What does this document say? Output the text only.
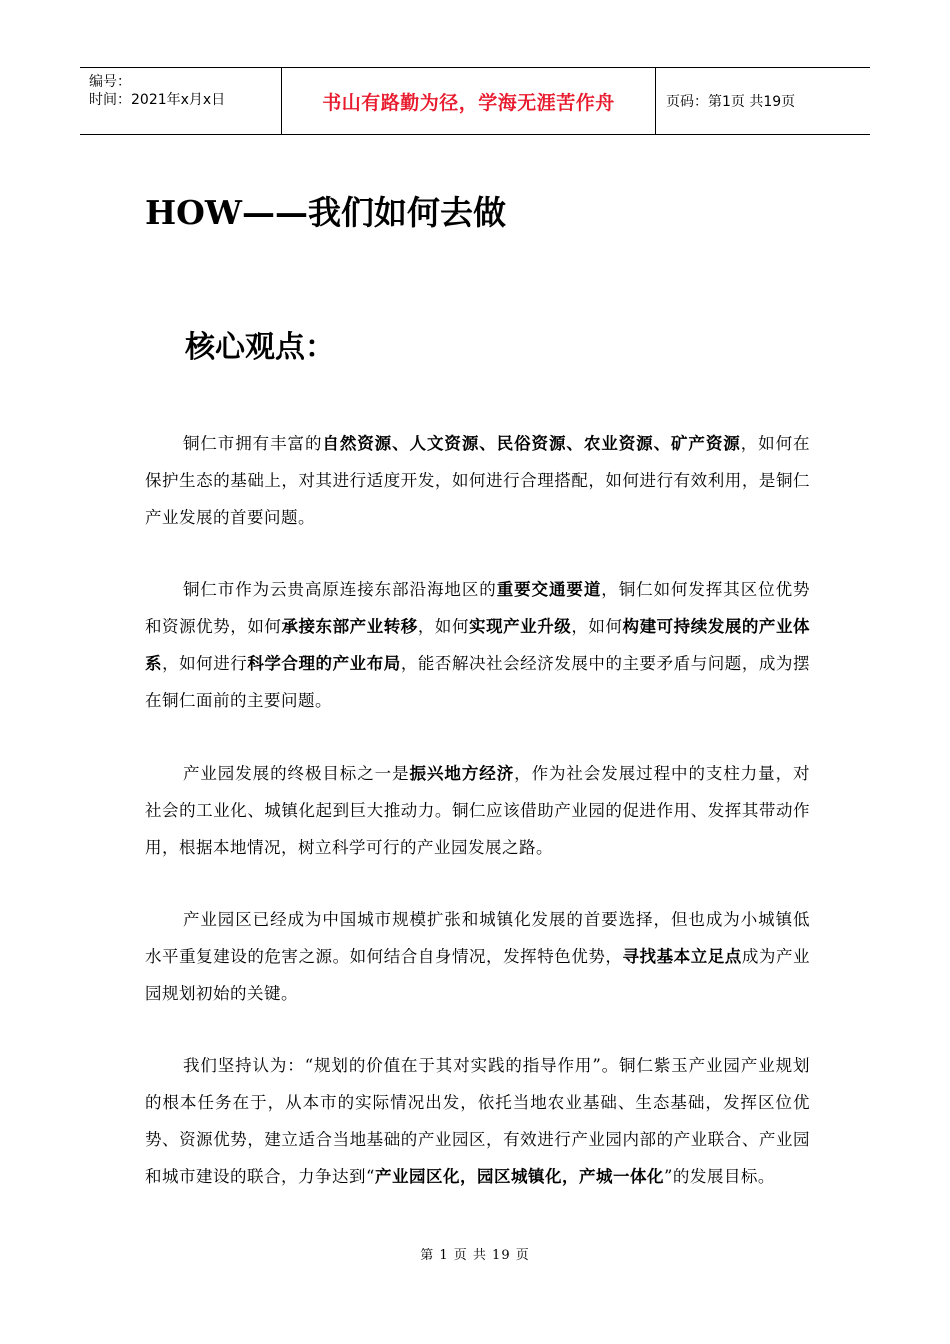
编号：
时间：2021年x月x日	书山有路勤为径，学海无涯苦作舟	页码：第1页 共19页
HOW——我们如何去做
核心观点：
铜仁市拥有丰富的自然资源、人文资源、民俗资源、农业资源、矿产资源，如何在保护生态的基础上，对其进行适度开发，如何进行合理搭配，如何进行有效利用，是铜仁产业发展的首要问题。
铜仁市作为云贵高原连接东部沿海地区的重要交通要道，铜仁如何发挥其区位优势和资源优势，如何承接东部产业转移，如何实现产业升级，如何构建可持续发展的产业体系，如何进行科学合理的产业布局，能否解决社会经济发展中的主要矛盾与问题，成为摆在铜仁面前的主要问题。
产业园发展的终极目标之一是振兴地方经济，作为社会发展过程中的支柱力量，对社会的工业化、城镇化起到巨大推动力。铜仁应该借助产业园的促进作用、发挥其带动作用，根据本地情况，树立科学可行的产业园发展之路。
产业园区已经成为中国城市规模扩张和城镇化发展的首要选择，但也成为小城镇低水平重复建设的危害之源。如何结合自身情况，发挥特色优势，寻找基本立足点成为产业园规划初始的关键。
我们坚持认为：“规划的价值在于其对实践的指导作用”。铜仁紫玉产业园产业规划的根本任务在于，从本市的实际情况出发，依托当地农业基础、生态基础，发挥区位优势、资源优势，建立适合当地基础的产业园区，有效进行产业园内部的产业联合、产业园和城市建设的联合，力争达到“产业园区化，园区城镇化，产城一体化”的发展目标。
第 1 页 共 19 页
